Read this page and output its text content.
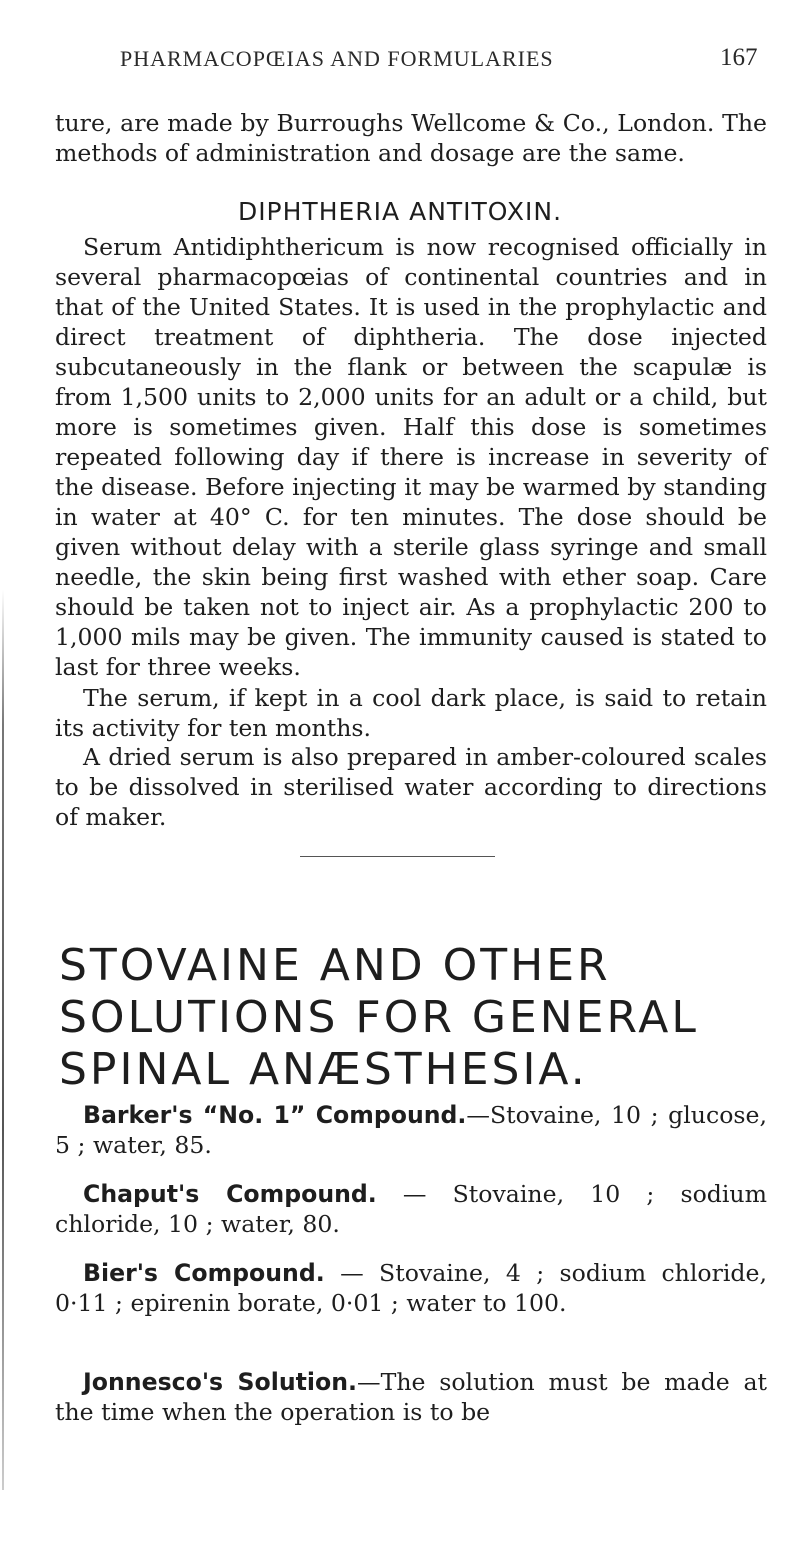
PHARMACOPŒIAS AND FORMULARIES	167

ture, are made by Burroughs Wellcome & Co., London. The methods of administration and dosage are the same.

DIPHTHERIA ANTITOXIN.

Serum Antidiphthericum is now recognised officially in several pharmacopœias of continental countries and in that of the United States. It is used in the prophylactic and direct treatment of diphtheria. The dose injected subcutaneously in the flank or between the scapulæ is from 1,500 units to 2,000 units for an adult or a child, but more is sometimes given. Half this dose is sometimes repeated following day if there is increase in severity of the disease. Before injecting it may be warmed by standing in water at 40° C. for ten minutes. The dose should be given without delay with a sterile glass syringe and small needle, the skin being first washed with ether soap. Care should be taken not to inject air. As a prophylactic 200 to 1,000 mils may be given. The immunity caused is stated to last for three weeks.

The serum, if kept in a cool dark place, is said to retain its activity for ten months.

A dried serum is also prepared in amber-coloured scales to be dissolved in sterilised water according to directions of maker.

STOVAINE AND OTHER
SOLUTIONS FOR GENERAL
SPINAL ANÆSTHESIA.

Barker's “No. 1” Compound.—Stovaine, 10 ; glucose, 5 ; water, 85.

Chaput's Compound. — Stovaine, 10 ; sodium chloride, 10 ; water, 80.

Bier's Compound. — Stovaine, 4 ; sodium chloride, 0·11 ; epirenin borate, 0·01 ; water to 100.

Jonnesco's Solution.—The solution must be made at the time when the operation is to be
